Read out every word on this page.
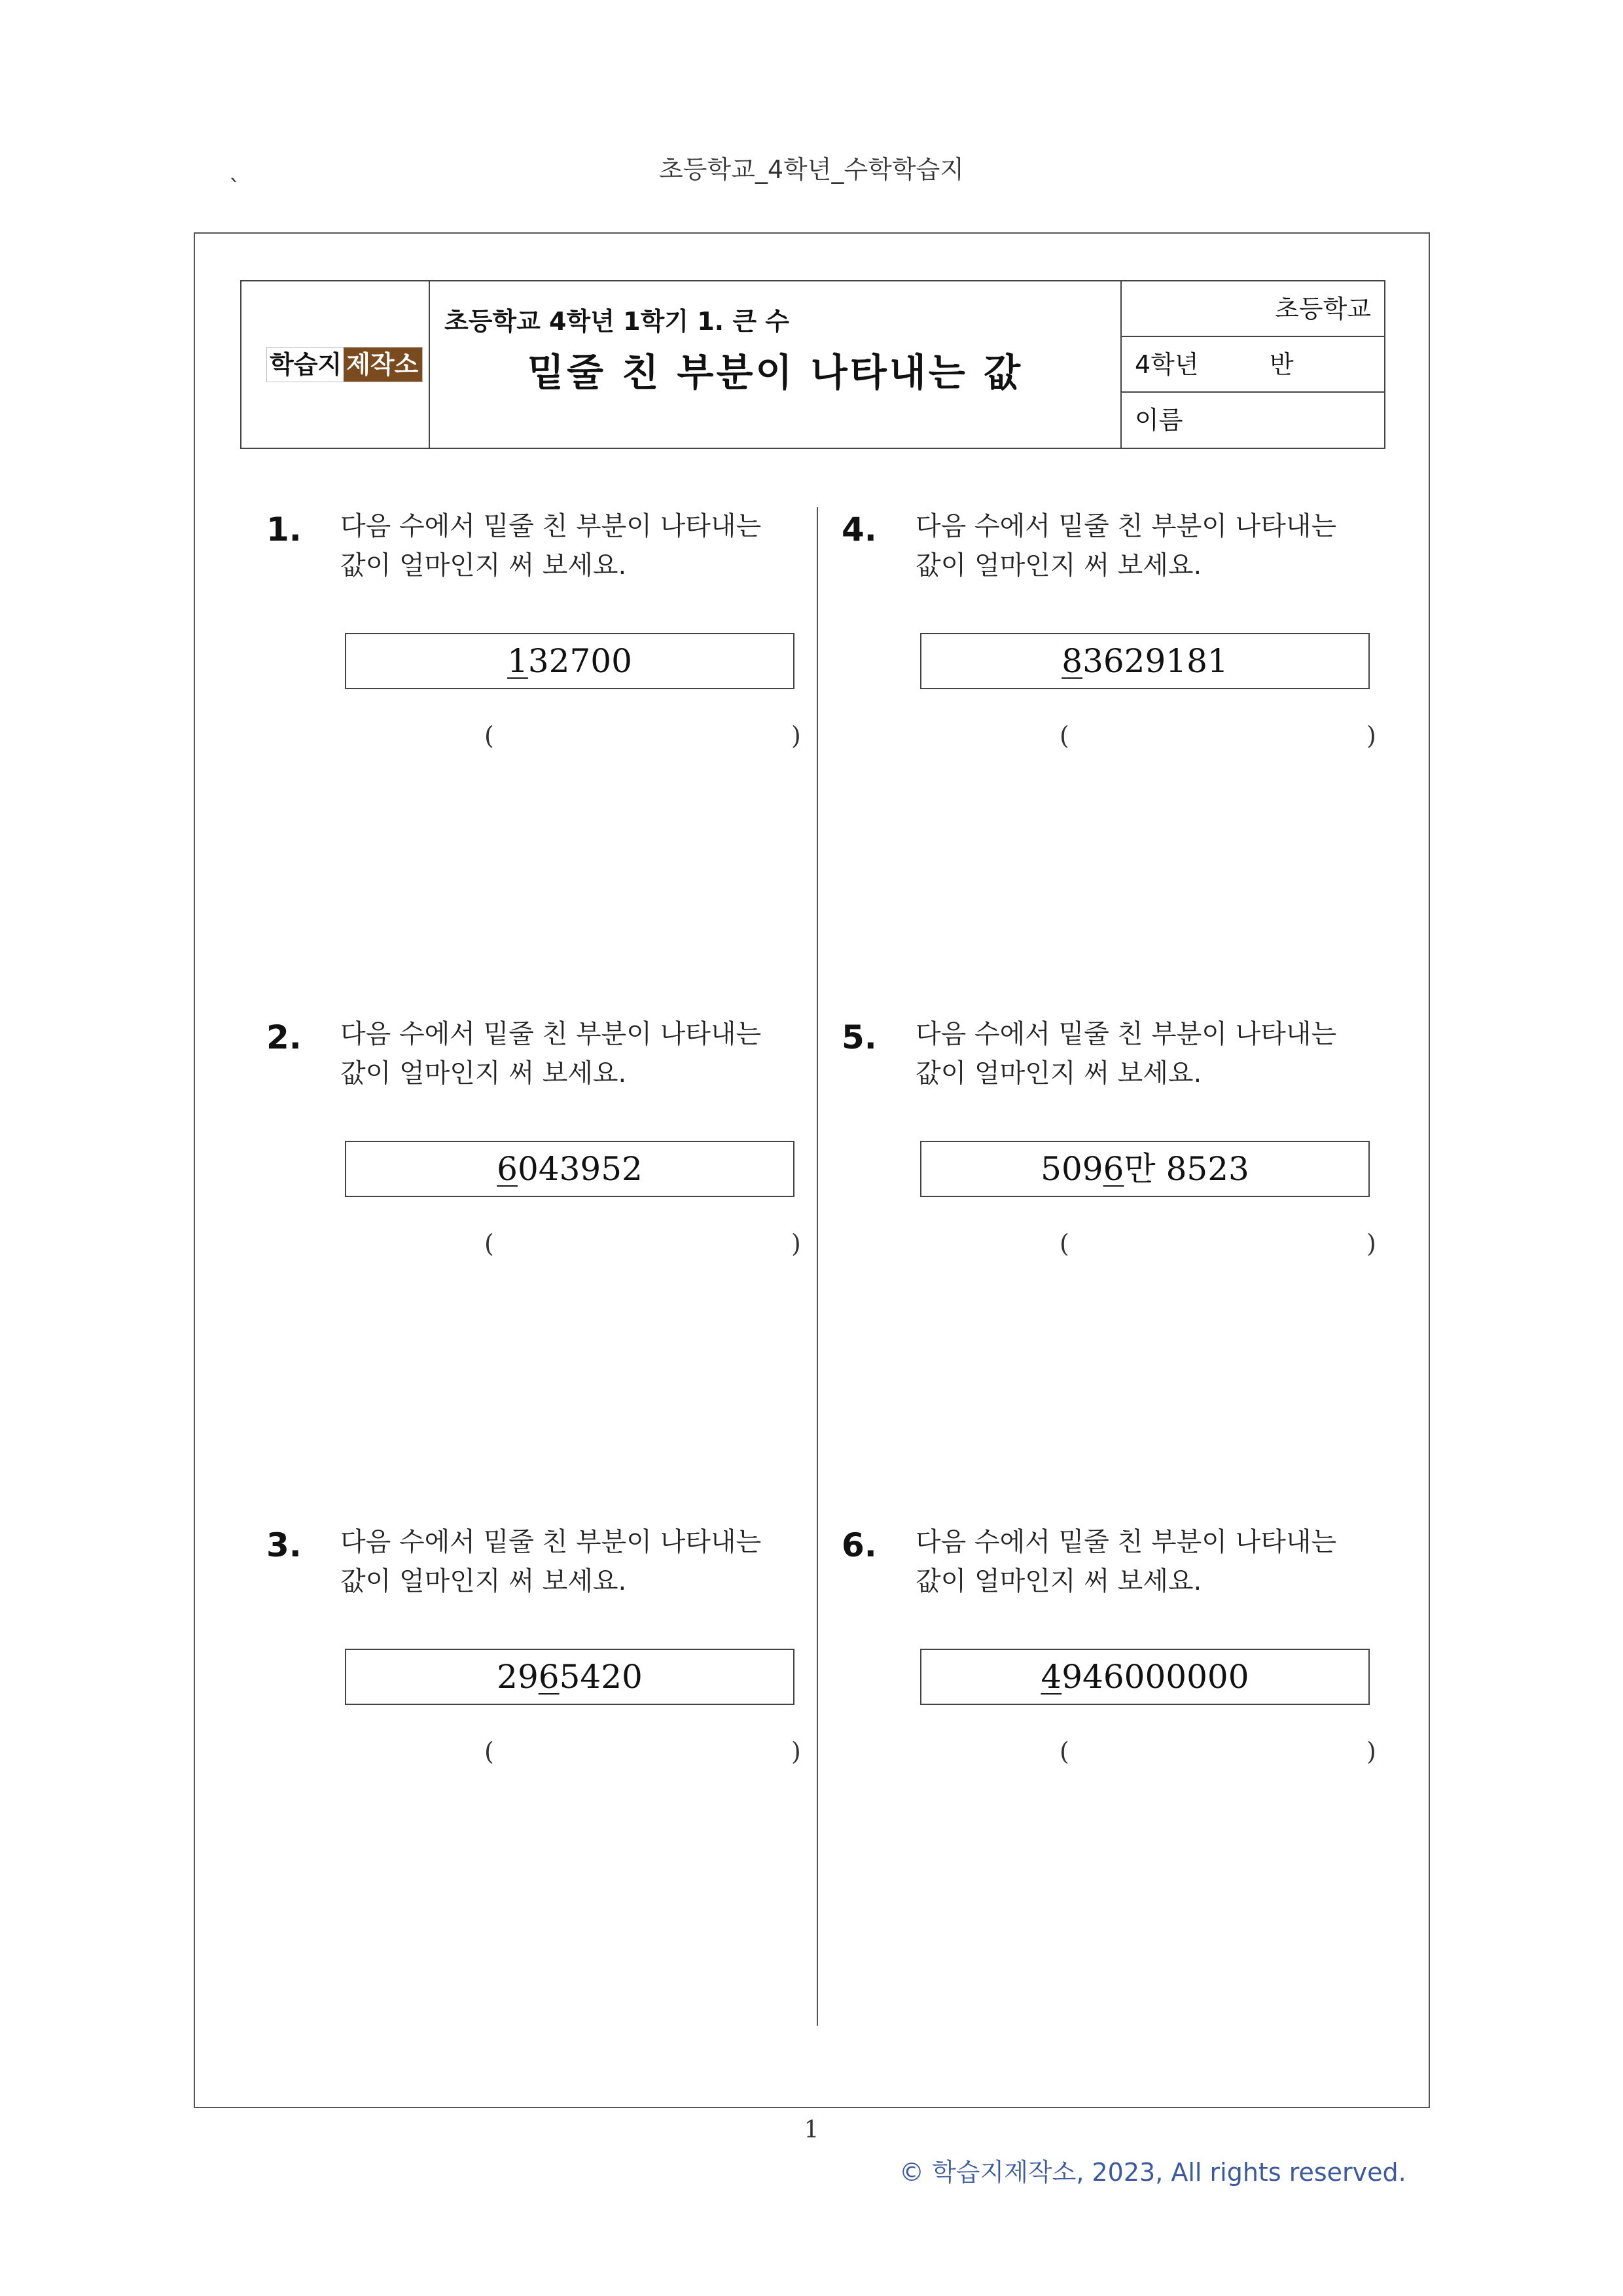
초등학교_4학년_수학학습지
`
학습지 제작소
초등학교 4학년 1학기 1. 큰 수
밑줄 친 부분이 나타내는 값
초등학교
4학년	반
이름
1. 다음 수에서 밑줄 친 부분이 나타내는
값이 얼마인지 써 보세요.
132700
(	)
2. 다음 수에서 밑줄 친 부분이 나타내는
값이 얼마인지 써 보세요.
6043952
(	)
3. 다음 수에서 밑줄 친 부분이 나타내는
값이 얼마인지 써 보세요.
2965420
(	)
4. 다음 수에서 밑줄 친 부분이 나타내는
값이 얼마인지 써 보세요.
83629181
(	)
5. 다음 수에서 밑줄 친 부분이 나타내는
값이 얼마인지 써 보세요.
5096만 8523
(	)
6. 다음 수에서 밑줄 친 부분이 나타내는
값이 얼마인지 써 보세요.
4946000000
(	)
1
© 학습지제작소, 2023, All rights reserved.
